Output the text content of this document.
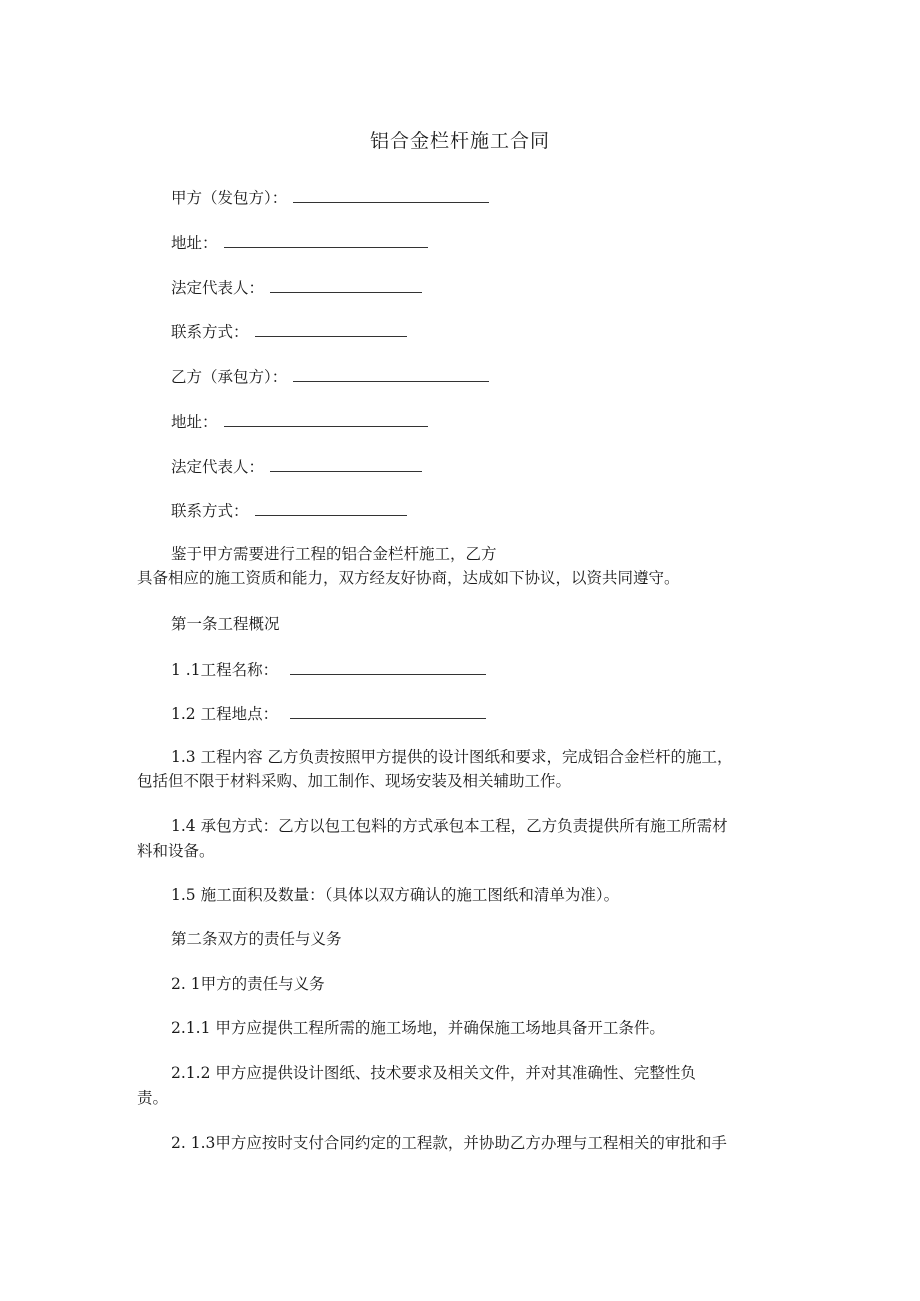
铝合金栏杆施工合同
甲方（发包方）：
地址：
法定代表人：
联系方式：
乙方（承包方）：
地址：
法定代表人：
联系方式：
鉴于甲方需要进行工程的铝合金栏杆施工，乙方
具备相应的施工资质和能力，双方经友好协商，达成如下协议，以资共同遵守。
第一条工程概况
1 .1工程名称：
1.2 工程地点：
1.3 工程内容 乙方负责按照甲方提供的设计图纸和要求，完成铝合金栏杆的施工，
包括但不限于材料采购、加工制作、现场安装及相关辅助工作。
1.4 承包方式：乙方以包工包料的方式承包本工程，乙方负责提供所有施工所需材
料和设备。
1.5 施工面积及数量：（具体以双方确认的施工图纸和清单为准）。
第二条双方的责任与义务
2. 1甲方的责任与义务
2.1.1 甲方应提供工程所需的施工场地，并确保施工场地具备开工条件。
2.1.2 甲方应提供设计图纸、技术要求及相关文件，并对其准确性、完整性负
责。
2. 1.3甲方应按时支付合同约定的工程款，并协助乙方办理与工程相关的审批和手
